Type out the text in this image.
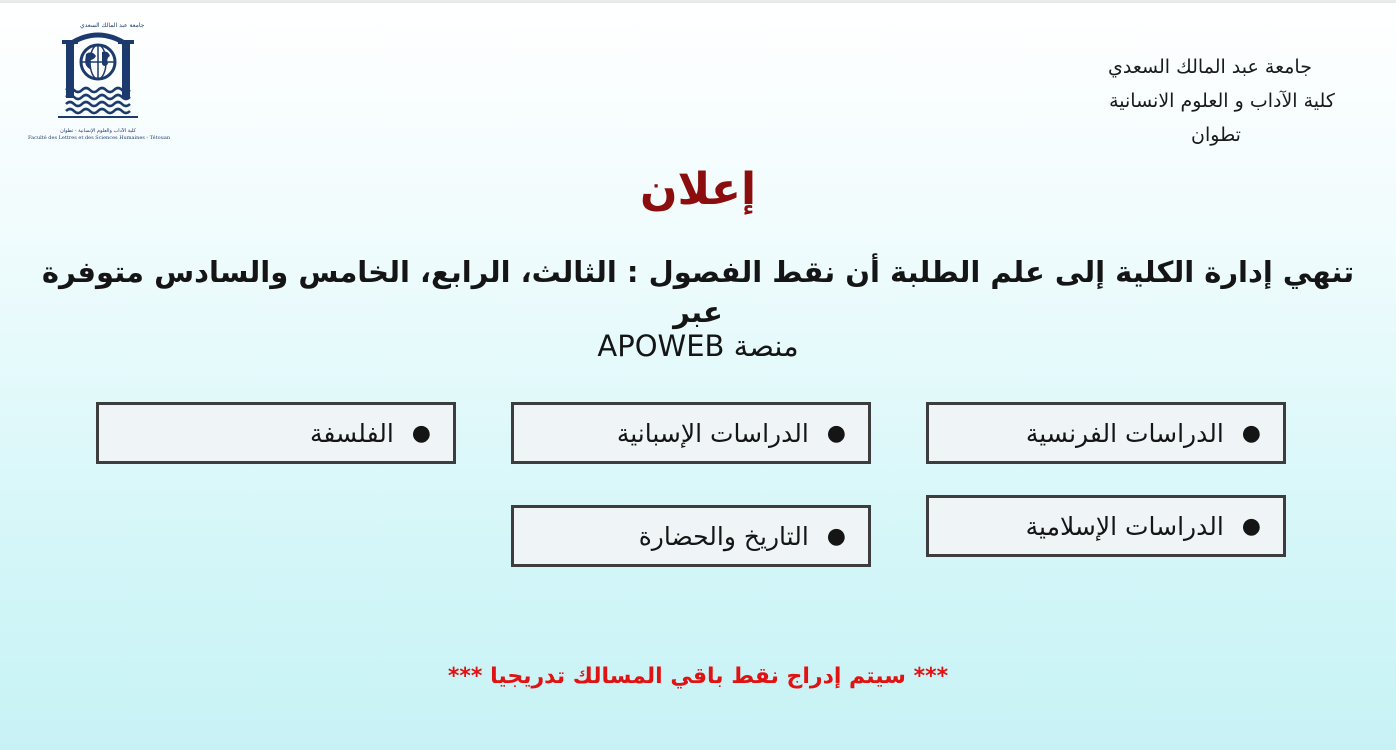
جامعة عبد المالك السعدي
كلية الآداب والعلوم الإنسانية - تطوان
Faculté des Lettres et des Sciences Humaines - Tétouan
جامعة عبد المالك السعدي
كلية الآداب و العلوم الانسانية
تطوان
إعلان
تنهي إدارة الكلية إلى علم الطلبة أن نقط الفصول : الثالث، الرابع، الخامس والسادس متوفرة عبر
منصة APOWEB
●
الدراسات الفرنسية
●
الدراسات الإسبانية
●
الفلسفة
●
الدراسات الإسلامية
●
التاريخ والحضارة
*** سيتم إدراج نقط باقي المسالك تدريجيا ***
